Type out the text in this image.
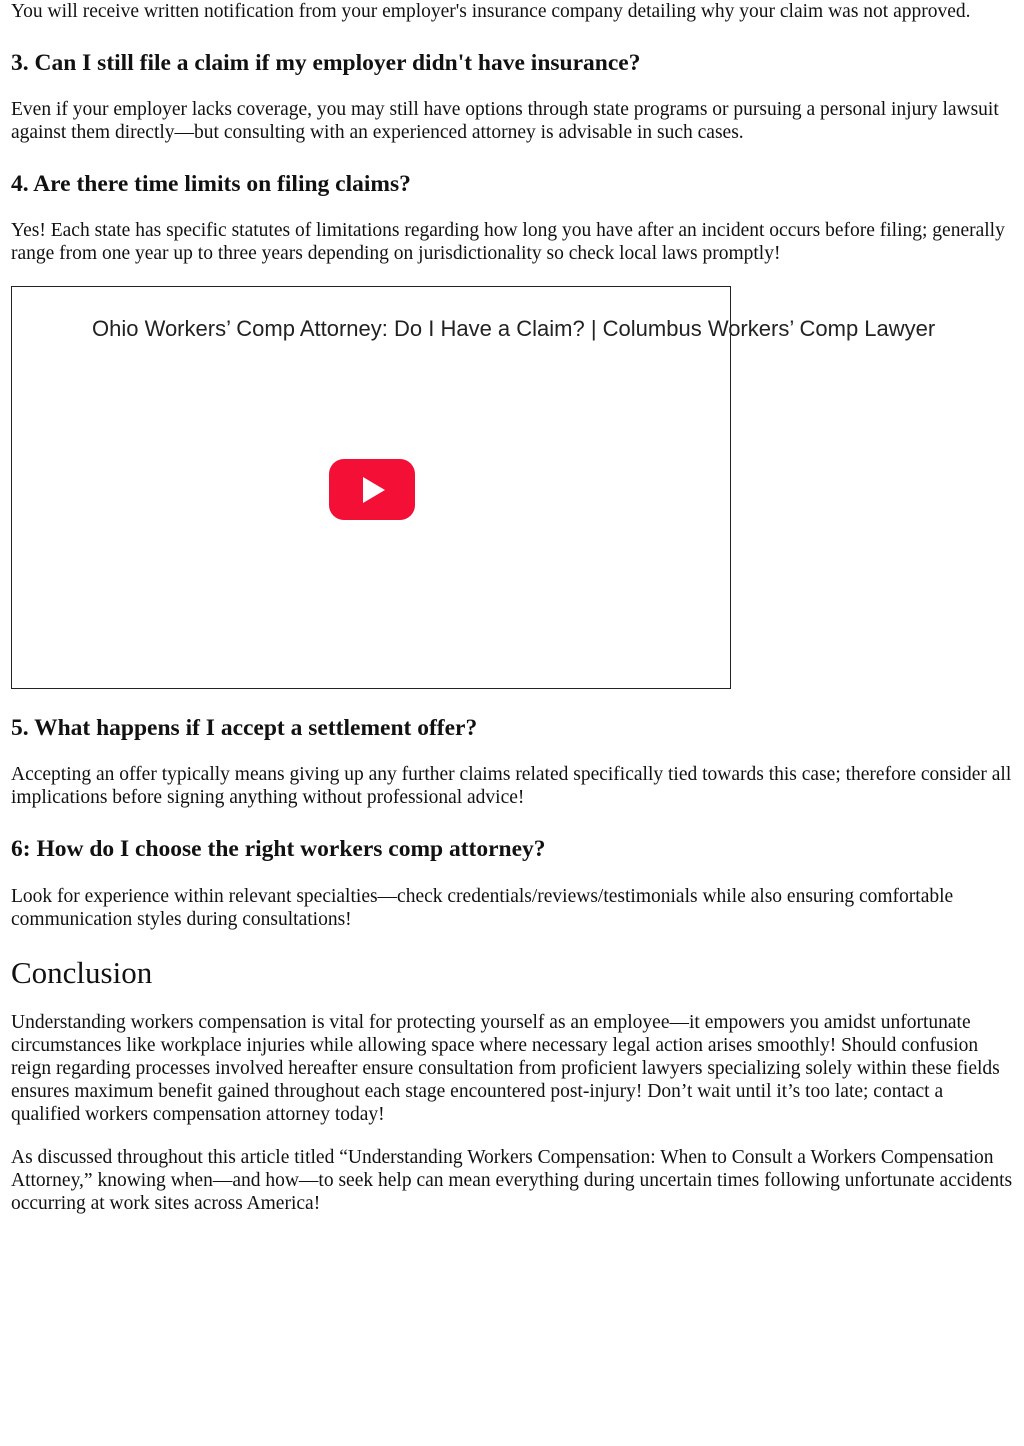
You will receive written notification from your employer's insurance company detailing why your claim was not approved.

3. Can I still file a claim if my employer didn't have insurance?

Even if your employer lacks coverage, you may still have options through state programs or pursuing a personal injury lawsuit against them directly—but consulting with an experienced attorney is advisable in such cases.

4. Are there time limits on filing claims?

Yes! Each state has specific statutes of limitations regarding how long you have after an incident occurs before filing; generally range from one year up to three years depending on jurisdictionality so check local laws promptly!

Ohio Workers’ Comp Attorney: Do I Have a Claim? | Columbus Workers’ Comp Lawyer
5. What happens if I accept a settlement offer?

Accepting an offer typically means giving up any further claims related specifically tied towards this case; therefore consider all implications before signing anything without professional advice!

6: How do I choose the right workers comp attorney?

Look for experience within relevant specialties—check credentials/reviews/testimonials while also ensuring comfortable communication styles during consultations!

Conclusion

Understanding workers compensation is vital for protecting yourself as an employee—it empowers you amidst unfortunate circumstances like workplace injuries while allowing space where necessary legal action arises smoothly! Should confusion reign regarding processes involved hereafter ensure consultation from proficient lawyers specializing solely within these fields ensures maximum benefit gained throughout each stage encountered post-injury! Don’t wait until it’s too late; contact a qualified workers compensation attorney today!

As discussed throughout this article titled “Understanding Workers Compensation: When to Consult a Workers Compensation Attorney,” knowing when—and how—to seek help can mean everything during uncertain times following unfortunate accidents occurring at work sites across America!
